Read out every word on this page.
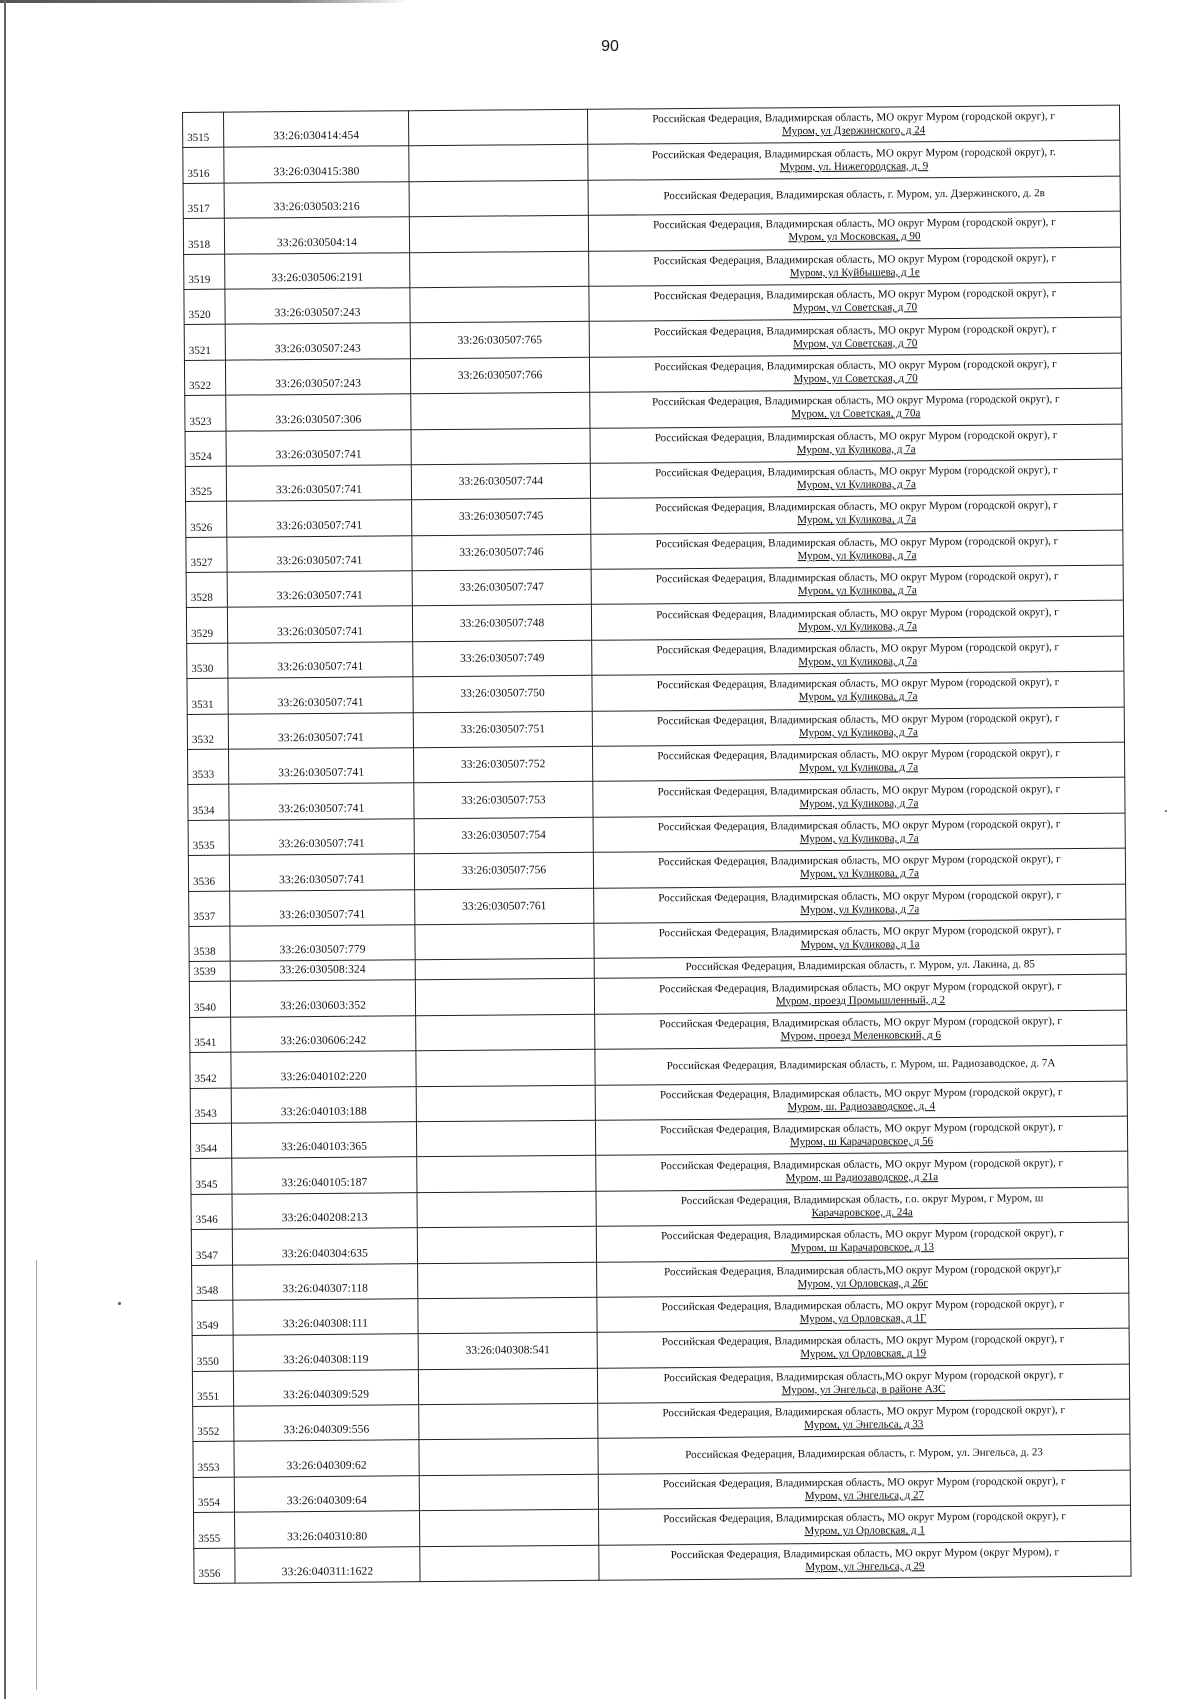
90
3515	33:26:030414:454		Российская Федерация, Владимирская область, МО округ Муром (городской округ), г
Муром, ул Дзержинского, д 24

3516	33:26:030415:380		Российская Федерация, Владимирская область, МО округ Муром (городской округ), г.
Муром, ул. Нижегородская, д. 9

3517	33:26:030503:216		Российская Федерация, Владимирская область, г. Муром, ул. Дзержинского, д. 2в

3518	33:26:030504:14		Российская Федерация, Владимирская область, МО округ Муром (городской округ), г
Муром, ул Московская, д 90

3519	33:26:030506:2191		Российская Федерация, Владимирская область, МО округ Муром (городской округ), г
Муром, ул Куйбышева, д 1е

3520	33:26:030507:243		Российская Федерация, Владимирская область, МО округ Муром (городской округ), г
Муром, ул Советская, д 70

3521	33:26:030507:243	33:26:030507:765	Российская Федерация, Владимирская область, МО округ Муром (городской округ), г
Муром, ул Советская, д 70

3522	33:26:030507:243	33:26:030507:766	Российская Федерация, Владимирская область, МО округ Муром (городской округ), г
Муром, ул Советская, д 70

3523	33:26:030507:306		Российская Федерация, Владимирская область, МО округ Мурома (городской округ), г
Муром, ул Советская, д 70а

3524	33:26:030507:741		Российская Федерация, Владимирская область, МО округ Муром (городской округ), г
Муром, ул Куликова, д 7а

3525	33:26:030507:741	33:26:030507:744	Российская Федерация, Владимирская область, МО округ Муром (городской округ), г
Муром, ул Куликова, д 7а

3526	33:26:030507:741	33:26:030507:745	Российская Федерация, Владимирская область, МО округ Муром (городской округ), г
Муром, ул Куликова, д 7а

3527	33:26:030507:741	33:26:030507:746	Российская Федерация, Владимирская область, МО округ Муром (городской округ), г
Муром, ул Куликова, д 7а

3528	33:26:030507:741	33:26:030507:747	Российская Федерация, Владимирская область, МО округ Муром (городской округ), г
Муром, ул Куликова, д 7а

3529	33:26:030507:741	33:26:030507:748	Российская Федерация, Владимирская область, МО округ Муром (городской округ), г
Муром, ул Куликова, д 7а

3530	33:26:030507:741	33:26:030507:749	Российская Федерация, Владимирская область, МО округ Муром (городской округ), г
Муром, ул Куликова, д 7а

3531	33:26:030507:741	33:26:030507:750	Российская Федерация, Владимирская область, МО округ Муром (городской округ), г
Муром, ул Куликова, д 7а

3532	33:26:030507:741	33:26:030507:751	Российская Федерация, Владимирская область, МО округ Муром (городской округ), г
Муром, ул Куликова, д 7а

3533	33:26:030507:741	33:26:030507:752	Российская Федерация, Владимирская область, МО округ Муром (городской округ), г
Муром, ул Куликова, д 7а

3534	33:26:030507:741	33:26:030507:753	Российская Федерация, Владимирская область, МО округ Муром (городской округ), г
Муром, ул Куликова, д 7а

3535	33:26:030507:741	33:26:030507:754	Российская Федерация, Владимирская область, МО округ Муром (городской округ), г
Муром, ул Куликова, д 7а

3536	33:26:030507:741	33:26:030507:756	Российская Федерация, Владимирская область, МО округ Муром (городской округ), г
Муром, ул Куликова, д 7а

3537	33:26:030507:741	33:26:030507:761	Российская Федерация, Владимирская область, МО округ Муром (городской округ), г
Муром, ул Куликова, д 7а

3538	33:26:030507:779		Российская Федерация, Владимирская область, МО округ Муром (городской округ), г
Муром, ул Куликова, д 1а

3539	33:26:030508:324		Российская Федерация, Владимирская область, г. Муром, ул. Лакина, д. 85

3540	33:26:030603:352		Российская Федерация, Владимирская область, МО округ Муром (городской округ), г
Муром, проезд Промышленный, д 2

3541	33:26:030606:242		Российская Федерация, Владимирская область, МО округ Муром (городской округ), г
Муром, проезд Меленковский, д 6

3542	33:26:040102:220		Российская Федерация, Владимирская область, г. Муром, ш. Радиозаводское, д. 7А

3543	33:26:040103:188		Российская Федерация, Владимирская область, МО округ Муром (городской округ), г
Муром, ш. Радиозаводское, д. 4

3544	33:26:040103:365		Российская Федерация, Владимирская область, МО округ Муром (городской округ), г
Муром, ш Карачаровское, д 56

3545	33:26:040105:187		Российская Федерация, Владимирская область, МО округ Муром (городской округ), г
Муром, ш Радиозаводское, д 21а

3546	33:26:040208:213		Российская Федерация, Владимирская область, г.о. округ Муром, г Муром, ш
Карачаровское, д. 24а

3547	33:26:040304:635		Российская Федерация, Владимирская область, МО округ Муром (городской округ), г
Муром, ш Карачаровское, д 13

3548	33:26:040307:118		Российская Федерация, Владимирская область,МО округ Муром (городской округ),г
Муром, ул Орловская, д 26г

3549	33:26:040308:111		Российская Федерация, Владимирская область, МО округ Муром (городской округ), г
Муром, ул Орловская, д 1Г

3550	33:26:040308:119	33:26:040308:541	Российская Федерация, Владимирская область, МО округ Муром (городской округ), г
Муром, ул Орловская, д 19

3551	33:26:040309:529		Российская Федерация, Владимирская область,МО округ Муром (городской округ), г
Муром, ул Энгельса, в районе АЗС

3552	33:26:040309:556		Российская Федерация, Владимирская область, МО округ Муром (городской округ), г
Муром, ул Энгельса, д 33

3553	33:26:040309:62		Российская Федерация, Владимирская область, г. Муром, ул. Энгельса, д. 23

3554	33:26:040309:64		Российская Федерация, Владимирская область, МО округ Муром (городской округ), г
Муром, ул Энгельса, д 27

3555	33:26:040310:80		Российская Федерация, Владимирская область, МО округ Муром (городской округ), г
Муром, ул Орловская, д 1

3556	33:26:040311:1622		Российская Федерация, Владимирская область, МО округ Муром (округ Муром), г
Муром, ул Энгельса, д 29
